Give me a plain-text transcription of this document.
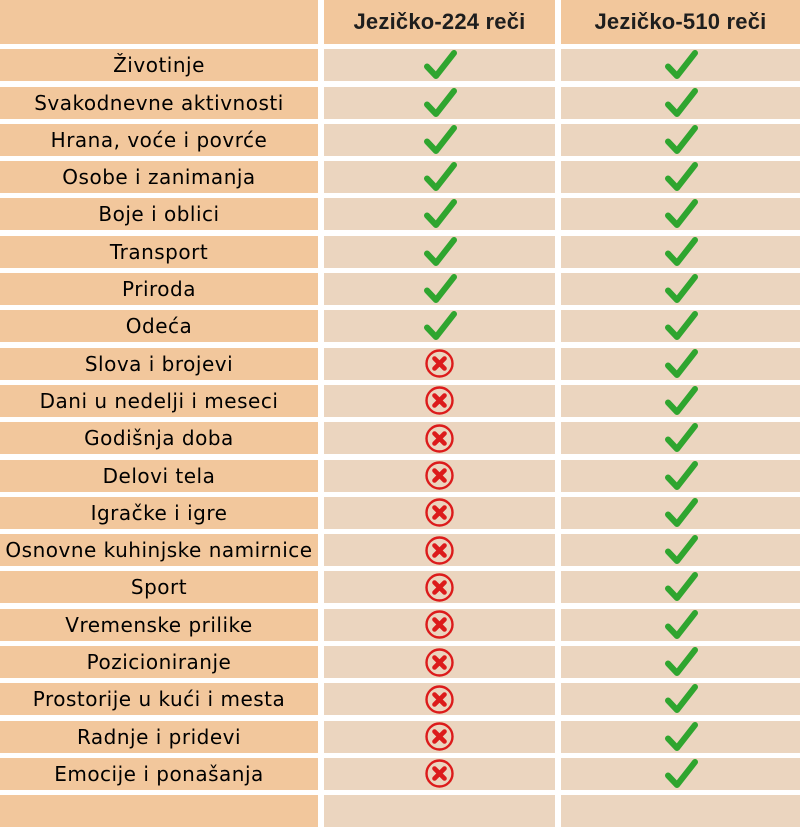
Jezičko-224 reči	Jezičko-510 reči
Životinje
Svakodnevne aktivnosti
Hrana, voće i povrće
Osobe i zanimanja
Boje i oblici
Transport
Priroda
Odeća
Slova i brojevi
Dani u nedelji i meseci
Godišnja doba
Delovi tela
Igračke i igre
Osnovne kuhinjske namirnice
Sport
Vremenske prilike
Pozicioniranje
Prostorije u kući i mesta
Radnje i pridevi
Emocije i ponašanja
